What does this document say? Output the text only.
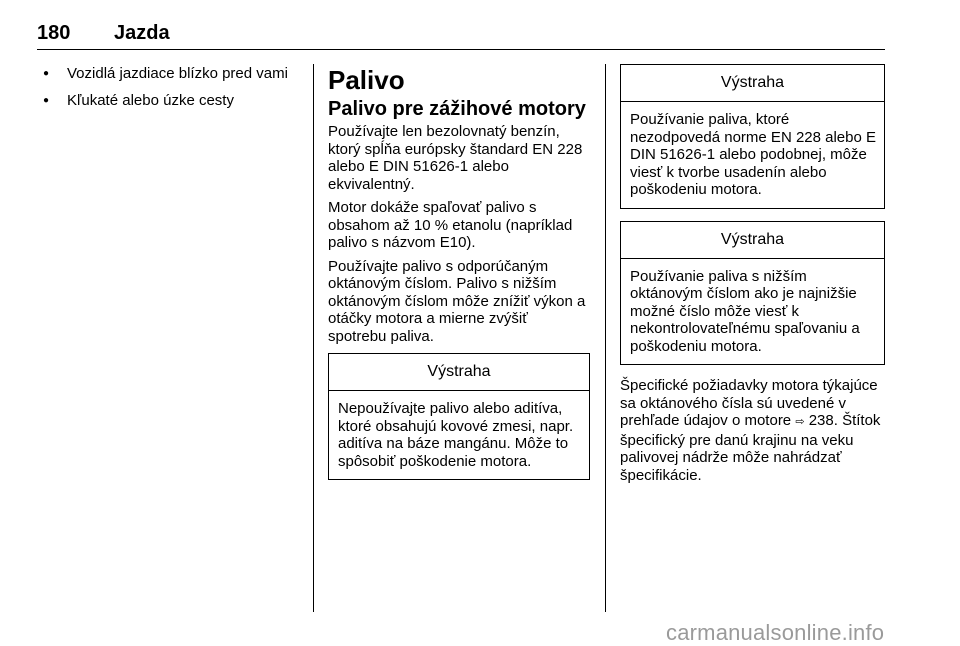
180 Jazda
● Vozidlá jazdiace blízko pred vami
● Kľukaté alebo úzke cesty
Palivo
Palivo pre zážihové motory

Používajte len bezolovnatý benzín, ktorý spĺňa európsky štandard EN 228 alebo E DIN 51626-1 alebo ekvivalentný.

Motor dokáže spaľovať palivo s obsahom až 10 % etanolu (napríklad palivo s názvom E10).

Používajte palivo s odporúčaným oktánovým číslom. Palivo s nižším oktánovým číslom môže znížiť výkon a otáčky motora a mierne zvýšiť spotrebu paliva.

Výstraha
Nepoužívajte palivo alebo aditíva, ktoré obsahujú kovové zmesi, napr. aditíva na báze mangánu. Môže to spôsobiť poškodenie motora.
Výstraha
Používanie paliva, ktoré nezodpovedá norme EN 228 alebo E DIN 51626-1 alebo podobnej, môže viesť k tvorbe usadenín alebo poškodeniu motora.
Výstraha
Používanie paliva s nižším oktánovým číslom ako je najnižšie možné číslo môže viesť k nekontrolovateľnému spaľovaniu a poškodeniu motora.

Špecifické požiadavky motora týkajúce sa oktánového čísla sú uvedené v prehľade údajov o motore ⇨ 238. Štítok špecifický pre danú krajinu na veku palivovej nádrže môže nahrádzať špecifikácie.

carmanualsonline.info
